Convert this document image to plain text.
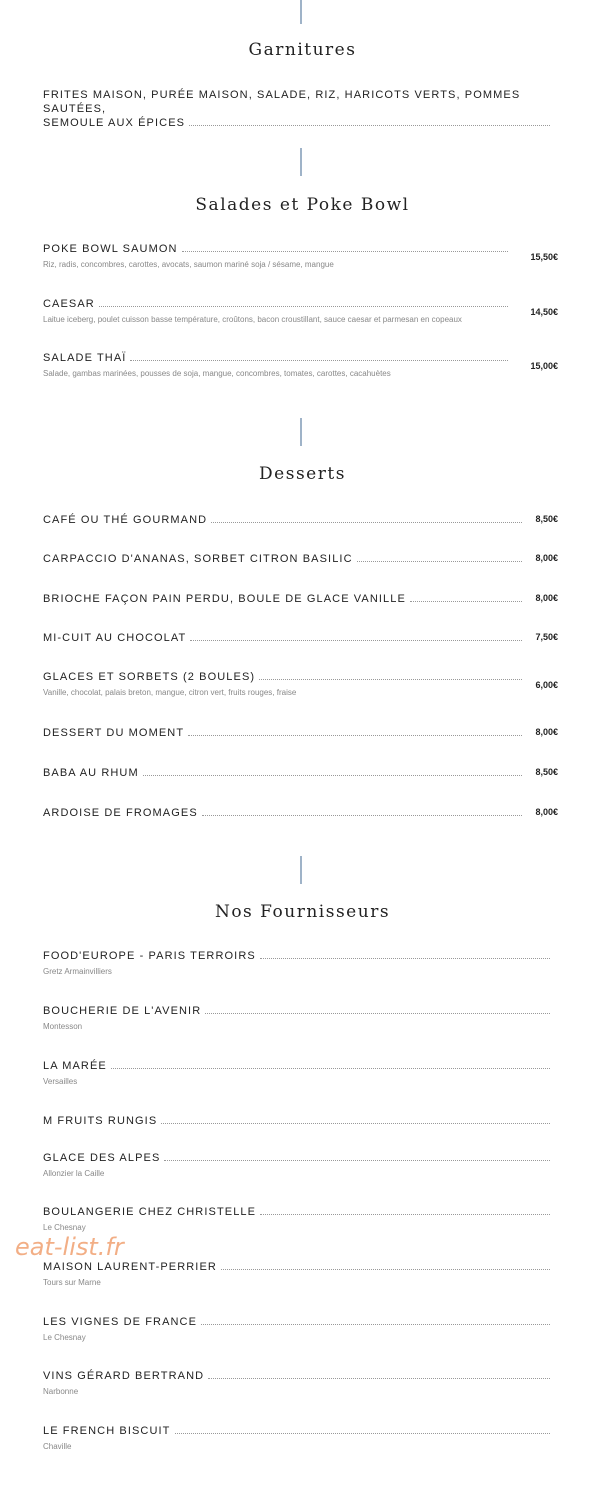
Garnitures
FRITES MAISON, PURÉE MAISON, SALADE, RIZ, HARICOTS VERTS, POMMES SAUTÉES,
SEMOULE AUX ÉPICES
Salades et Poke Bowl
POKE BOWL SAUMON
Riz, radis, concombres, carottes, avocats, saumon mariné soja / sésame, mangue
15,50€
CAESAR
Laitue iceberg, poulet cuisson basse température, croûtons, bacon croustillant, sauce caesar et parmesan en copeaux
14,50€
SALADE THAÏ
Salade, gambas marinées, pousses de soja, mangue, concombres, tomates, carottes, cacahuètes
15,00€
Desserts
CAFÉ OU THÉ GOURMAND	8,50€
CARPACCIO D'ANANAS, SORBET CITRON BASILIC	8,00€
BRIOCHE FAÇON PAIN PERDU, BOULE DE GLACE VANILLE	8,00€
MI-CUIT AU CHOCOLAT	7,50€
GLACES ET SORBETS (2 BOULES)
Vanille, chocolat, palais breton, mangue, citron vert, fruits rouges, fraise
6,00€
DESSERT DU MOMENT	8,00€
BABA AU RHUM	8,50€
ARDOISE DE FROMAGES	8,00€
Nos Fournisseurs
FOOD'EUROPE - PARIS TERROIRS
Gretz Armainvilliers
BOUCHERIE DE L'AVENIR
Montesson
LA MARÉE
Versailles
M FRUITS RUNGIS
GLACE DES ALPES
Allonzier la Caille
BOULANGERIE CHEZ CHRISTELLE
Le Chesnay
MAISON LAURENT-PERRIER
Tours sur Marne
LES VIGNES DE FRANCE
Le Chesnay
VINS GÉRARD BERTRAND
Narbonne
LE FRENCH BISCUIT
Chaville
eat-list.fr
